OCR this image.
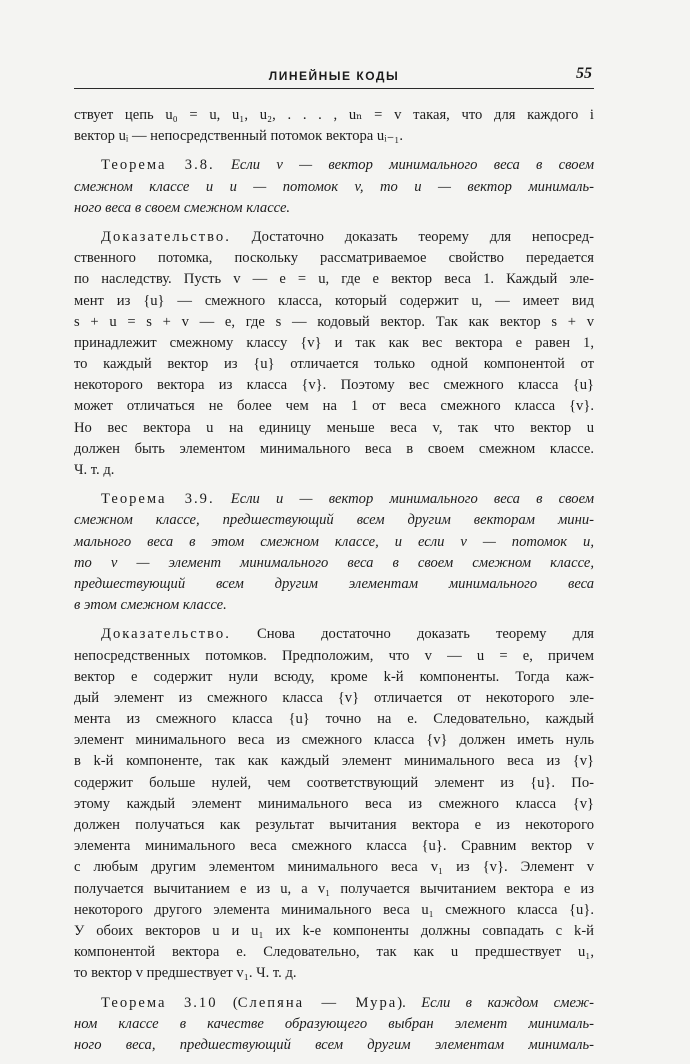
ЛИНЕЙНЫЕ КОДЫ	55
ствует цепь u₀ = u, u₁, u₂, . . . , uₙ = v такая, что для каждого i
вектор uᵢ — непосредственный потомок вектора uᵢ₋₁.
Теорема 3.8. Если v — вектор минимального веса в своем
смежном классе и u — потомок v, то u — вектор минималь-
ного веса в своем смежном классе.
Доказательство. Достаточно доказать теорему для непосред-
ственного потомка, поскольку рассматриваемое свойство передается
по наследству. Пусть v — e = u, где e вектор веса 1. Каждый эле-
мент из {u} — смежного класса, который содержит u, — имеет вид
s + u = s + v — e, где s — кодовый вектор. Так как вектор s + v
принадлежит смежному классу {v} и так как вес вектора e равен 1,
то каждый вектор из {u} отличается только одной компонентой от
некоторого вектора из класса {v}. Поэтому вес смежного класса {u}
может отличаться не более чем на 1 от веса смежного класса {v}.
Но вес вектора u на единицу меньше веса v, так что вектор u
должен быть элементом минимального веса в своем смежном классе.
Ч. т. д.
Теорема 3.9. Если u — вектор минимального веса в своем
смежном классе, предшествующий всем другим векторам мини-
мального веса в этом смежном классе, и если v — потомок u,
то v — элемент минимального веса в своем смежном классе,
предшествующий всем другим элементам минимального веса
в этом смежном классе.
Доказательство. Снова достаточно доказать теорему для
непосредственных потомков. Предположим, что v — u = e, причем
вектор e содержит нули всюду, кроме k-й компоненты. Тогда каж-
дый элемент из смежного класса {v} отличается от некоторого эле-
мента из смежного класса {u} точно на e. Следовательно, каждый
элемент минимального веса из смежного класса {v} должен иметь нуль
в k-й компоненте, так как каждый элемент минимального веса из {v}
содержит больше нулей, чем соответствующий элемент из {u}. По-
этому каждый элемент минимального веса из смежного класса {v}
должен получаться как результат вычитания вектора e из некоторого
элемента минимального веса смежного класса {u}. Сравним вектор v
с любым другим элементом минимального веса v₁ из {v}. Элемент v
получается вычитанием e из u, а v₁ получается вычитанием вектора e из
некоторого другого элемента минимального веса u₁ смежного класса {u}.
У обоих векторов u и u₁ их k-е компоненты должны совпадать с k-й
компонентой вектора e. Следовательно, так как u предшествует u₁,
то вектор v предшествует v₁. Ч. т. д.
Теорема 3.10 (Слепяна — Мура). Если в каждом смеж-
ном классе в качестве образующего выбран элемент минималь-
ного веса, предшествующий всем другим элементам минималь-
